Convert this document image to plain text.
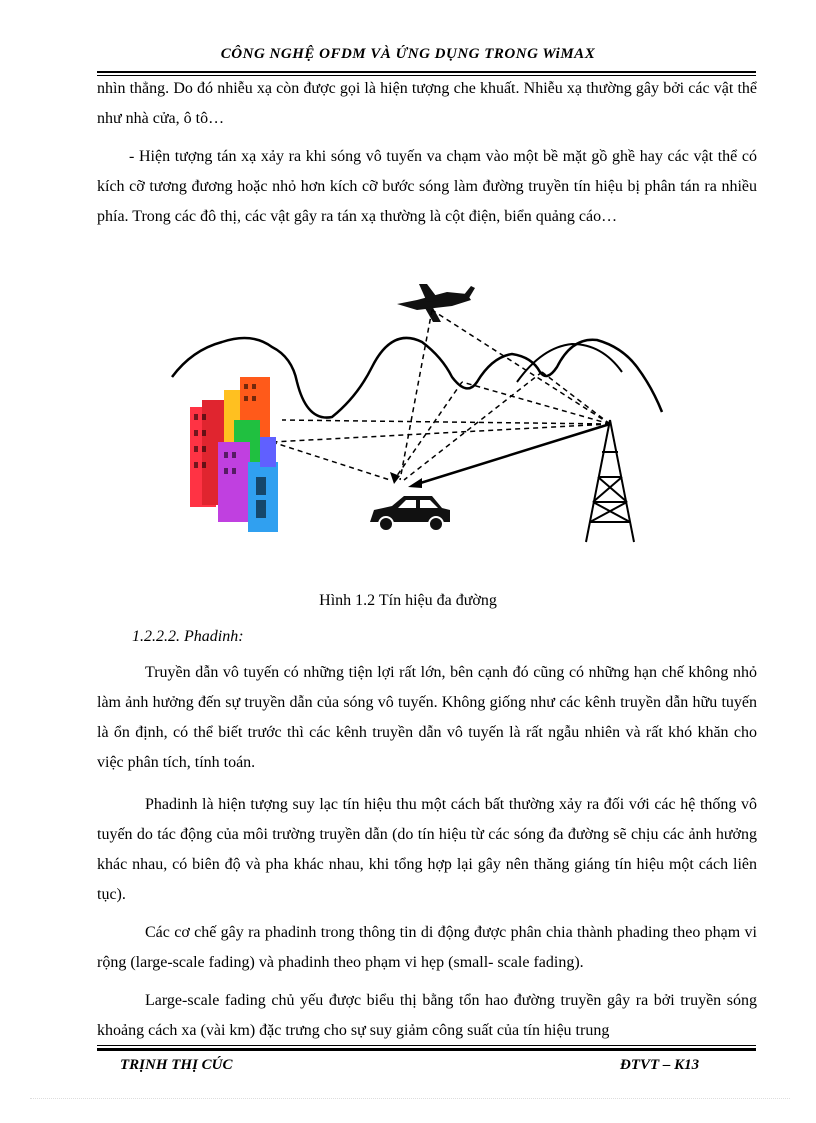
CÔNG NGHỆ OFDM VÀ ỨNG DỤNG TRONG WiMAX

nhìn thẳng. Do đó nhiễu xạ còn được gọi là hiện tượng che khuất. Nhiễu xạ thường gây bởi các vật thể như nhà cửa, ô tô…

- Hiện tượng tán xạ xảy ra khi sóng vô tuyến va chạm vào một bề mặt gồ ghề hay các vật thể có kích cỡ tương đương hoặc nhỏ hơn kích cỡ bước sóng làm đường truyền tín hiệu bị phân tán ra nhiều phía. Trong các đô thị, các vật gây ra tán xạ thường là cột điện, biển quảng cáo…

Hình 1.2 Tín hiệu đa đường
1.2.2.2. Phadinh:

Truyền dẫn vô tuyến có những tiện lợi rất lớn, bên cạnh đó cũng có những hạn chế không nhỏ làm ảnh hưởng đến sự truyền dẫn của sóng vô tuyến. Không giống như các kênh truyền dẫn hữu tuyến là ổn định, có thể biết trước thì các kênh truyền dẫn vô tuyến là rất ngẫu nhiên và rất khó khăn cho việc phân tích, tính toán.

Phadinh là hiện tượng suy lạc tín hiệu thu một cách bất thường xảy ra đối với các hệ thống vô tuyến do tác động của môi trường truyền dẫn (do tín hiệu từ các sóng đa đường sẽ chịu các ảnh hưởng khác nhau, có biên độ và pha khác nhau, khi tổng hợp lại gây nên thăng giáng tín hiệu một cách liên tục).

Các cơ chế gây ra phadinh trong thông tin di động được phân chia thành phading theo phạm vi rộng (large-scale fading) và phadinh theo phạm vi hẹp (small- scale fading).

Large-scale fading chủ yếu được biểu thị bằng tổn hao đường truyền gây ra bởi truyền sóng khoảng cách xa (vài km) đặc trưng cho sự suy giảm công suất của tín hiệu trung

TRỊNH THỊ CÚC	ĐTVT – K13
